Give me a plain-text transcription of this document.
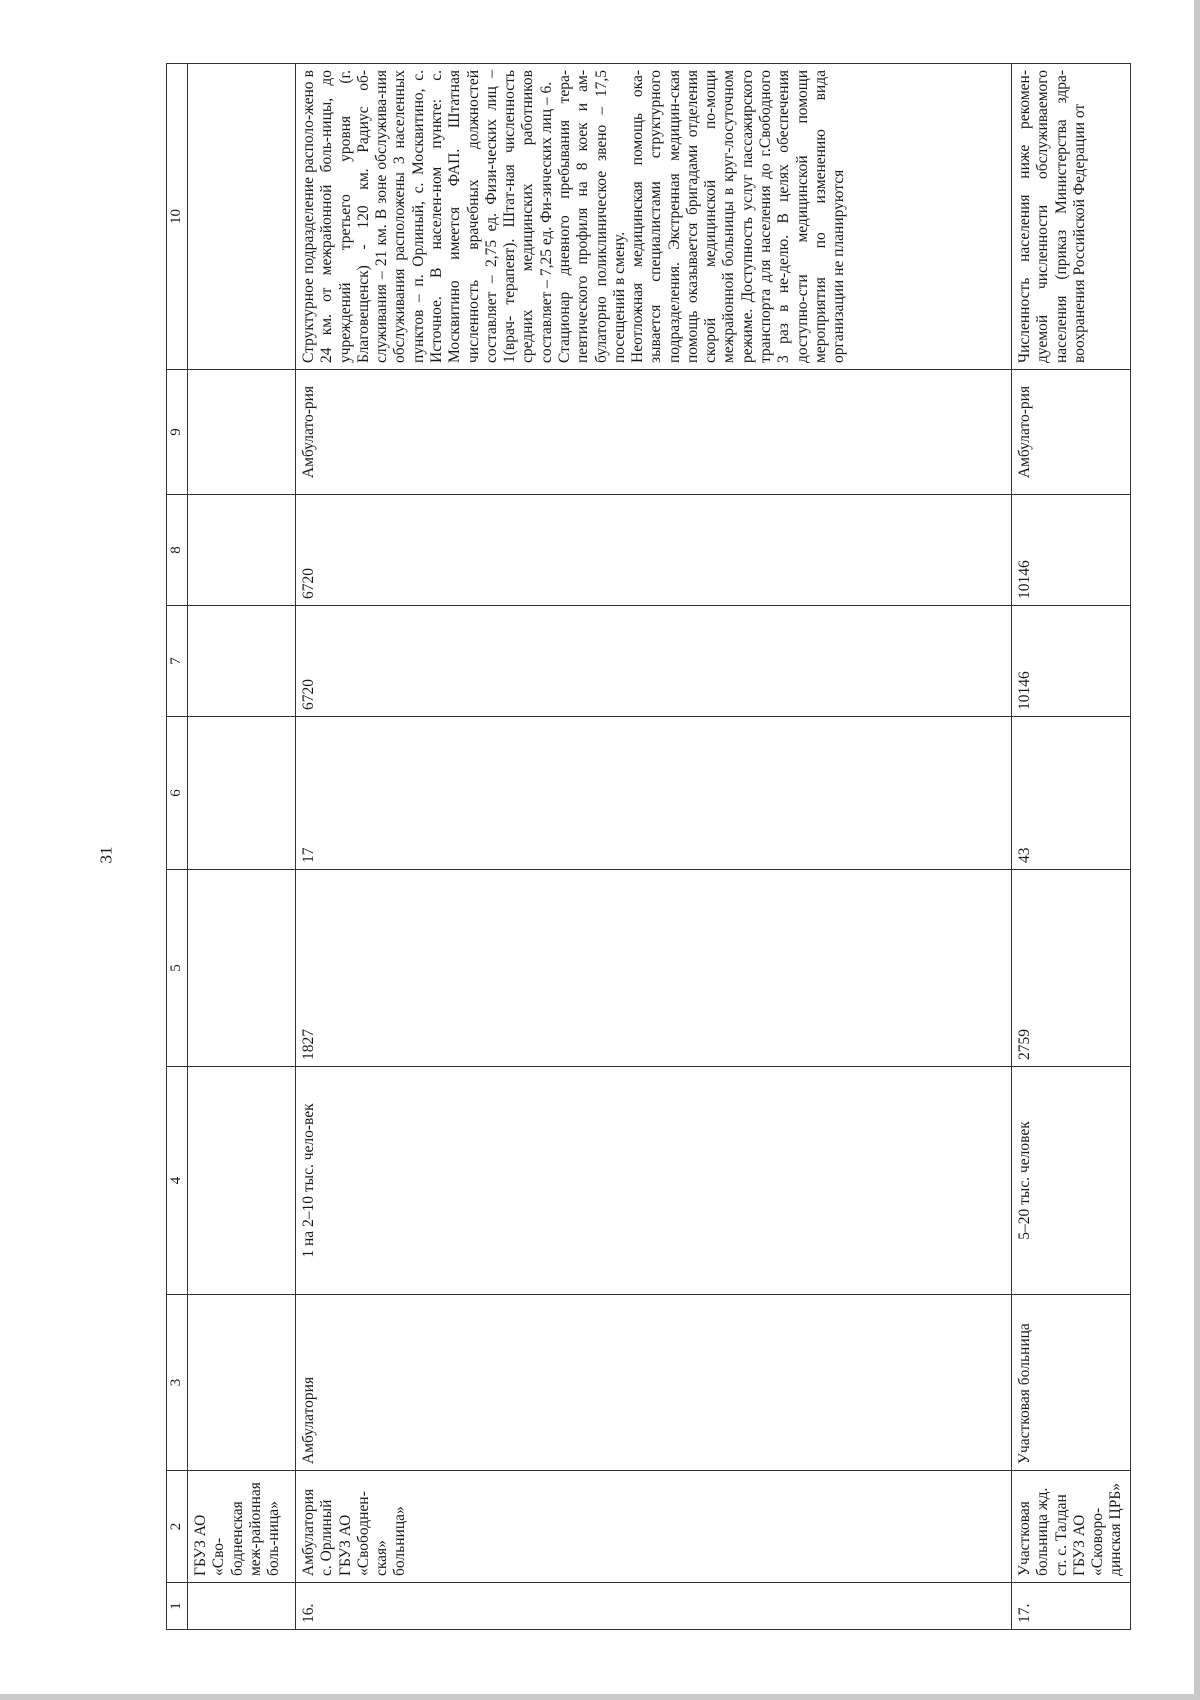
31
1	2	3	4	5	6	7	8	9	10
	ГБУЗ АО «Сво-бодненская меж-районная боль-ница»								
16.	Амбулатория с. Орлиный ГБУЗ АО «Свободнен-ская» больница»	Амбулатория	1 на 2–10 тыс. чело-век	1827	17	6720	6720	Амбулато-рия	Структурное подразделение располо-жено в 24 км. от межрайонной боль-ницы, до учреждений третьего уровня (г. Благовещенск) - 120 км. Радиус об-служивания – 21 км. В зоне обслужива-ния обслуживания расположены 3 населенных пунктов – п. Орлиный, с. Москвитино, с. Источное. В населен-ном пункте: с. Москвитино имеется ФАП. Штатная численность врачебных должностей составляет – 2,75 ед. Физи-ческих лиц – 1(врач- терапевт). Штат-ная численность средних медицинских работников составляет – 7,25 ед. Фи-зических лиц – 6. Стационар дневного пребывания тера-певтического профиля на 8 коек и ам-булаторно поликлиническое звено – 17,5 посещений в смену. Неотложная медицинская помощь ока-зывается специалистами структурного подразделения. Экстренная медицин-ская помощь оказывается бригадами отделения скорой медицинской по-мощи межрайонной больницы в круг-лосуточном режиме. Доступность услуг пассажирского транспорта для населения до г.Свободного 3 раз в не-делю. В целях обеспечения доступно-сти медицинской помощи мероприятия по изменению вида организации не планируются

17.	Участковая больница жд. ст. с. Талдан ГБУЗ АО «Сковоро-динская ЦРБ»	Участковая больница	5–20 тыс. человек	2759	43	10146	10146	Амбулато-рия	Численность населения ниже рекомен-дуемой численности обслуживаемого населения (приказ Министерства здра-воохранения Российской Федерации от
